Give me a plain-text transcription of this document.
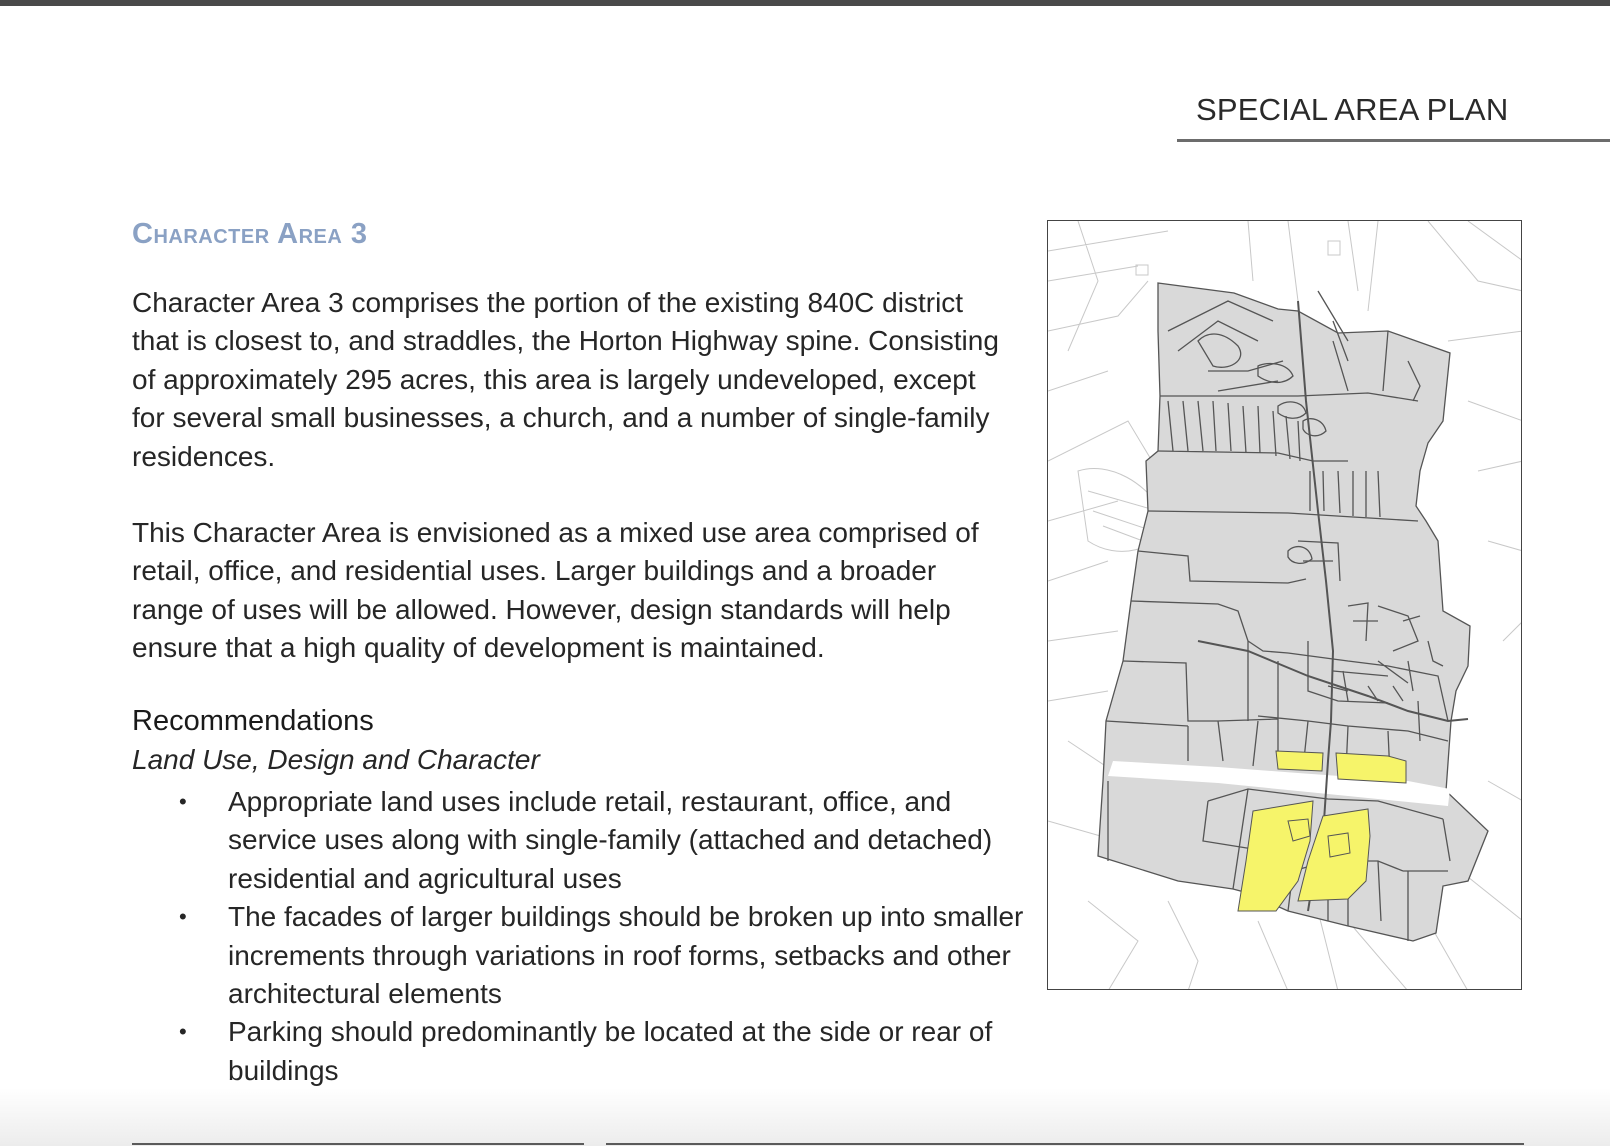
SPECIAL AREA PLAN
Character Area 3

Character Area 3 comprises the portion of the existing 840C district that is closest to, and straddles, the Horton Highway spine. Consisting of approximately 295 acres, this area is largely undeveloped, except for several small businesses, a church, and a number of single-family residences.

This Character Area is envisioned as a mixed use area comprised of retail, office, and residential uses. Larger buildings and a broader range of uses will be allowed. However, design standards will help ensure that a high quality of development is maintained.

Recommendations
Land Use, Design and Character
• Appropriate land uses include retail, restaurant, office, and service uses along with single-family (attached and detached) residential and agricultural uses
• The facades of larger buildings should be broken up into smaller increments through variations in roof forms, setbacks and other architectural elements
• Parking should predominantly be located at the side or rear of buildings
